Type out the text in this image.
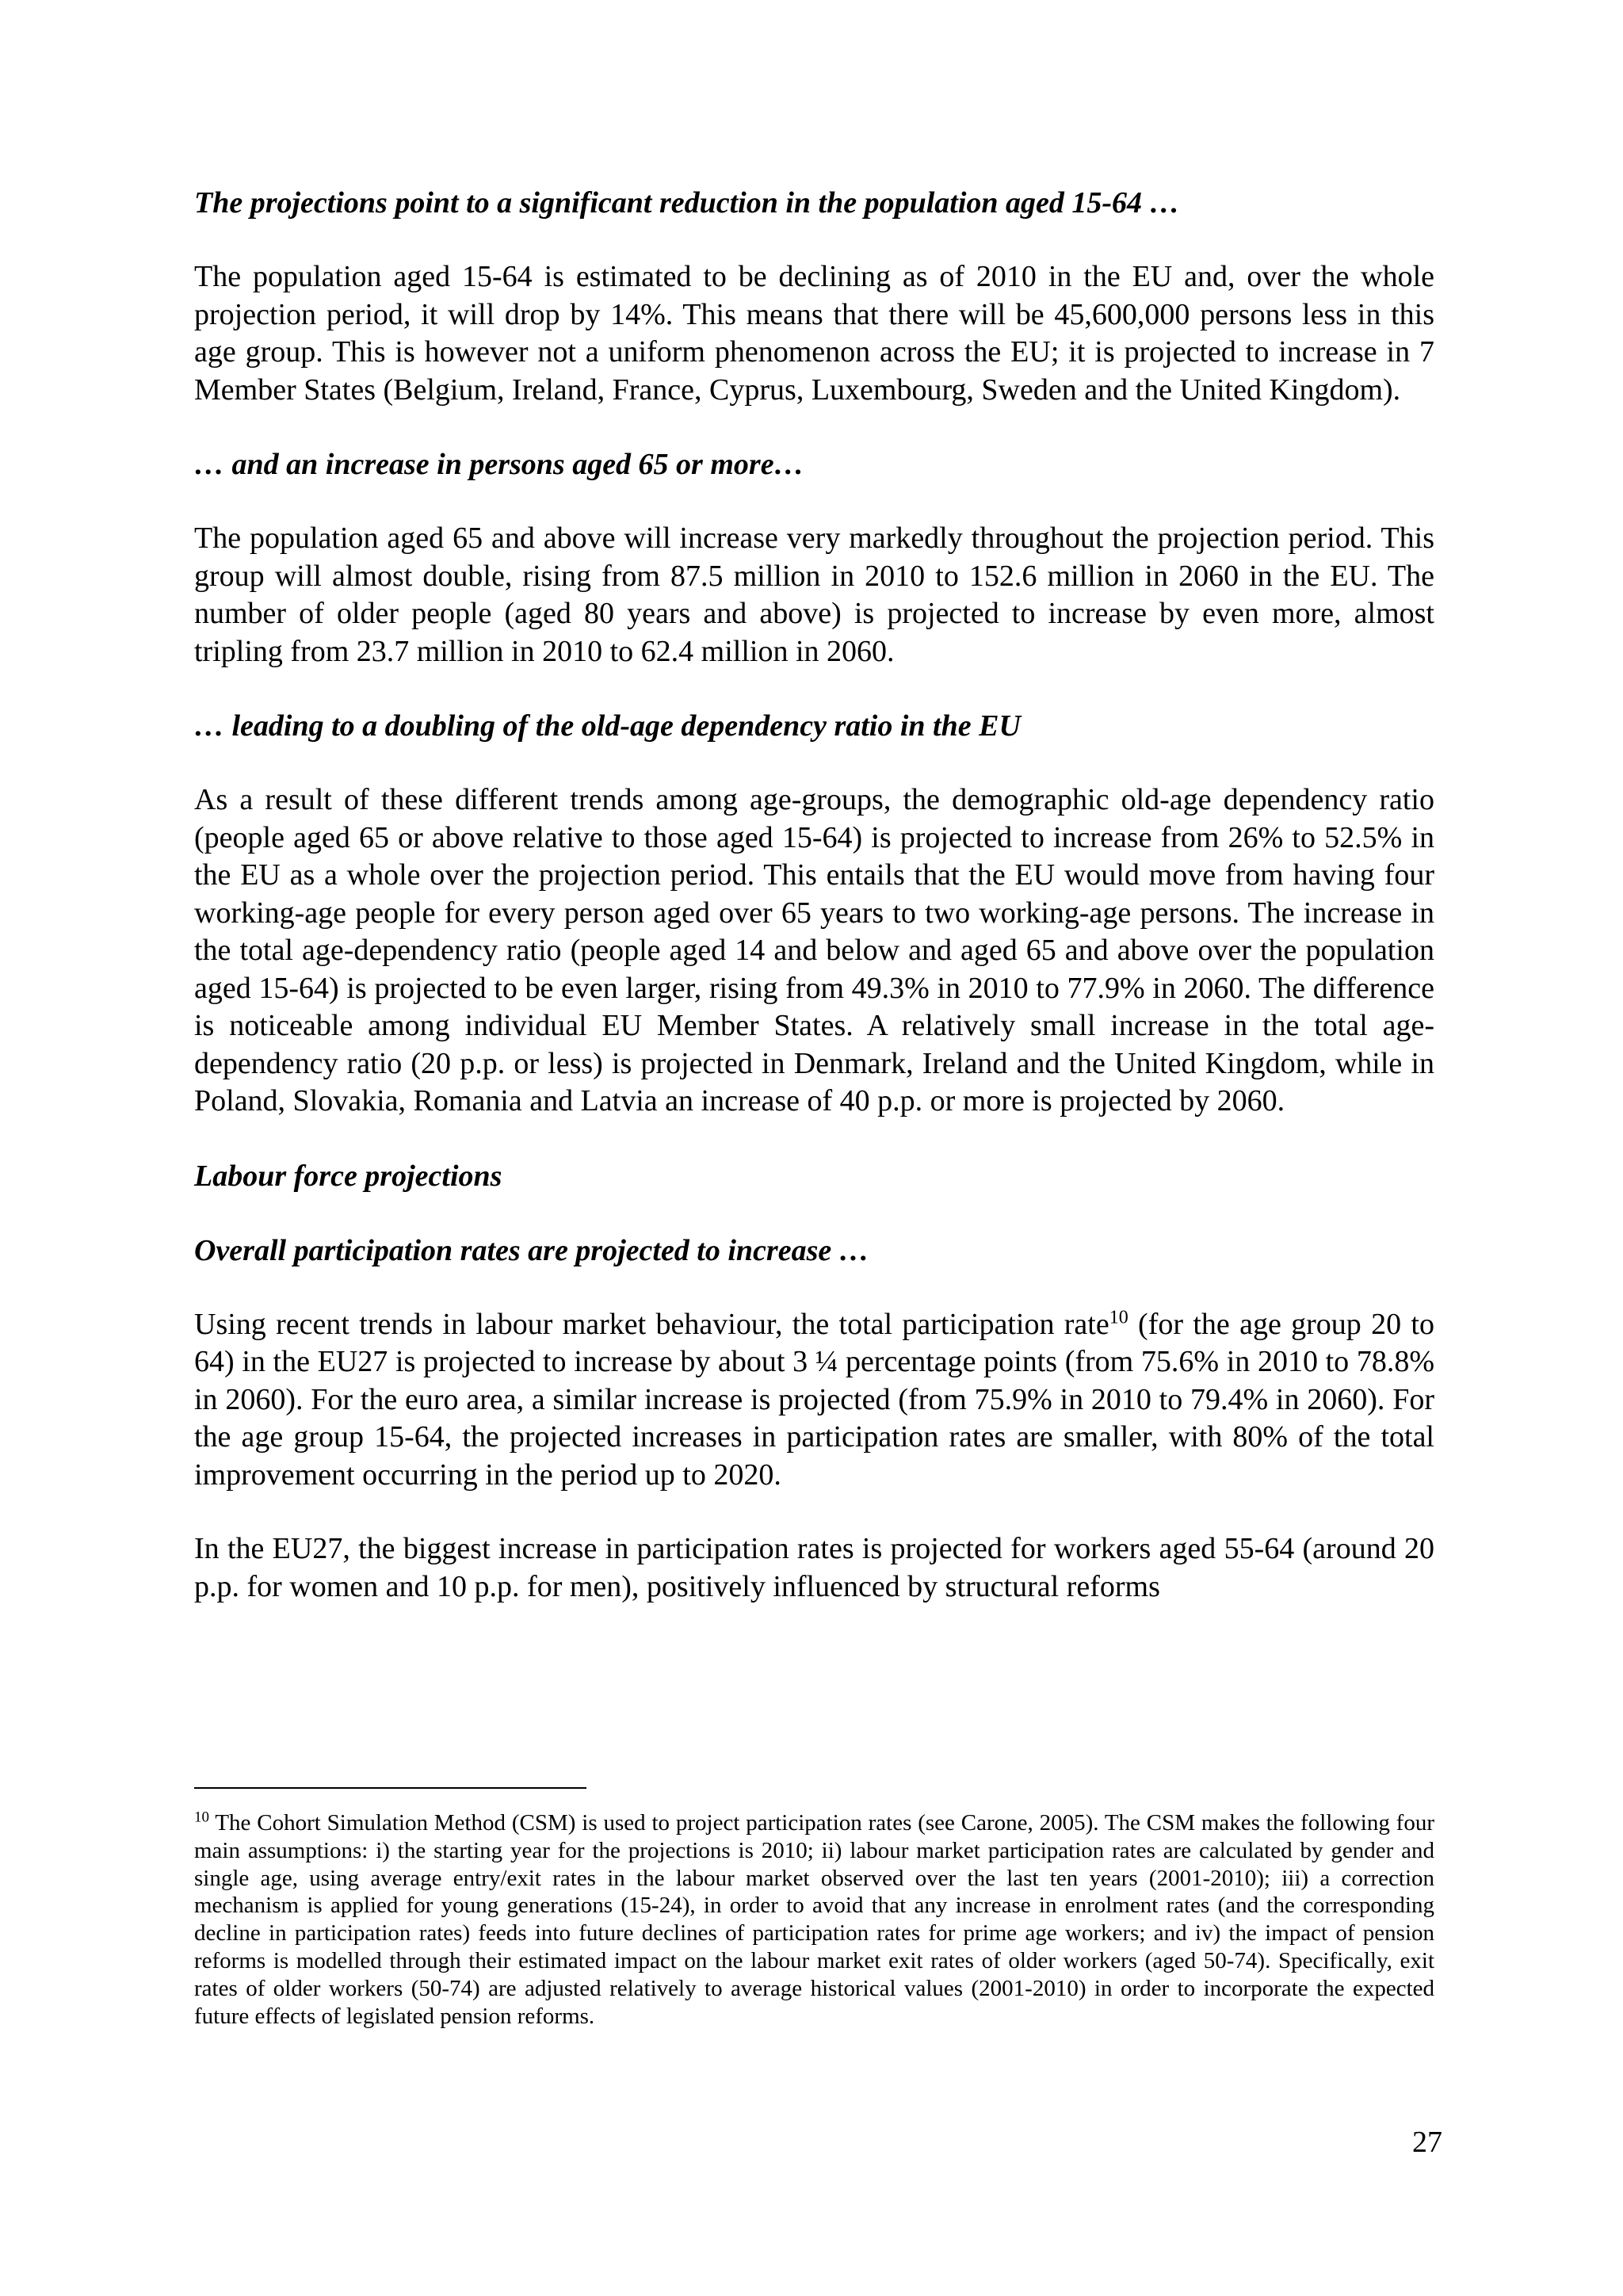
The projections point to a significant reduction in the population aged 15-64 …

The population aged 15-64 is estimated to be declining as of 2010 in the EU and, over the whole projection period, it will drop by 14%. This means that there will be 45,600,000 persons less in this age group. This is however not a uniform phenomenon across the EU; it is projected to increase in 7 Member States (Belgium, Ireland, France, Cyprus, Luxembourg, Sweden and the United Kingdom).

… and an increase in persons aged 65 or more…

The population aged 65 and above will increase very markedly throughout the projection period. This group will almost double, rising from 87.5 million in 2010 to 152.6 million in 2060 in the EU. The number of older people (aged 80 years and above) is projected to increase by even more, almost tripling from 23.7 million in 2010 to 62.4 million in 2060.

… leading to a doubling of the old-age dependency ratio in the EU

As a result of these different trends among age-groups, the demographic old-age dependency ratio (people aged 65 or above relative to those aged 15-64) is projected to increase from 26% to 52.5% in the EU as a whole over the projection period. This entails that the EU would move from having four working-age people for every person aged over 65 years to two working-age persons. The increase in the total age-dependency ratio (people aged 14 and below and aged 65 and above over the population aged 15-64) is projected to be even larger, rising from 49.3% in 2010 to 77.9% in 2060. The difference is noticeable among individual EU Member States. A relatively small increase in the total age-dependency ratio (20 p.p. or less) is projected in Denmark, Ireland and the United Kingdom, while in Poland, Slovakia, Romania and Latvia an increase of 40 p.p. or more is projected by 2060.

Labour force projections
Overall participation rates are projected to increase …

Using recent trends in labour market behaviour, the total participation rate$^{10}$ (for the age group 20 to 64) in the EU27 is projected to increase by about 3 ¼ percentage points (from 75.6% in 2010 to 78.8% in 2060). For the euro area, a similar increase is projected (from 75.9% in 2010 to 79.4% in 2060). For the age group 15-64, the projected increases in participation rates are smaller, with 80% of the total improvement occurring in the period up to 2020.

In the EU27, the biggest increase in participation rates is projected for workers aged 55-64 (around 20 p.p. for women and 10 p.p. for men), positively influenced by structural reforms

$^{10}$ The Cohort Simulation Method (CSM) is used to project participation rates (see Carone, 2005). The CSM makes the following four main assumptions: i) the starting year for the projections is 2010; ii) labour market participation rates are calculated by gender and single age, using average entry/exit rates in the labour market observed over the last ten years (2001-2010); iii) a correction mechanism is applied for young generations (15-24), in order to avoid that any increase in enrolment rates (and the corresponding decline in participation rates) feeds into future declines of participation rates for prime age workers; and iv) the impact of pension reforms is modelled through their estimated impact on the labour market exit rates of older workers (aged 50-74). Specifically, exit rates of older workers (50-74) are adjusted relatively to average historical values (2001-2010) in order to incorporate the expected future effects of legislated pension reforms.
27
